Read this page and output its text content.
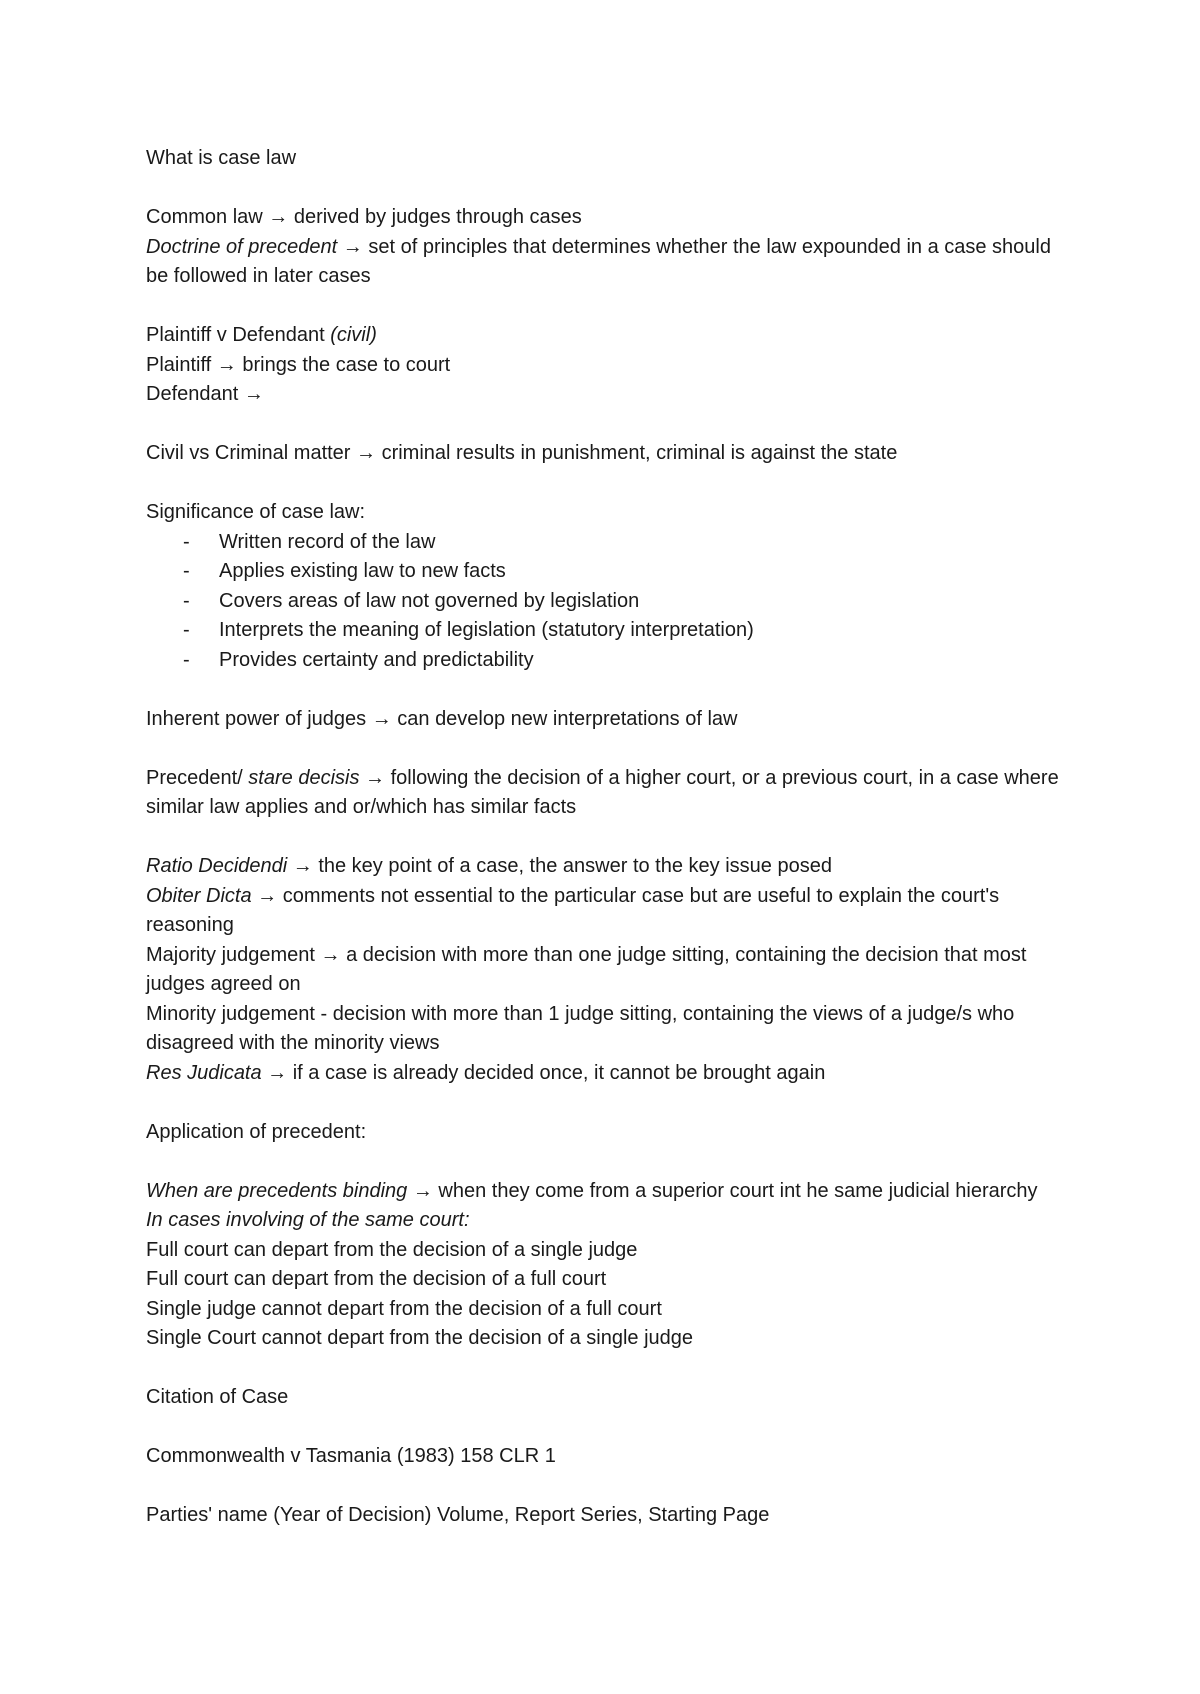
What is case law

Common law → derived by judges through cases

Doctrine of precedent → set of principles that determines whether the law expounded in a case should be followed in later cases

Plaintiff v Defendant (civil)

Plaintiff → brings the case to court

Defendant →

Civil vs Criminal matter → criminal results in punishment, criminal is against the state

Significance of case law:

- Written record of the law
- Applies existing law to new facts
- Covers areas of law not governed by legislation
- Interprets the meaning of legislation (statutory interpretation)
- Provides certainty and predictability

Inherent power of judges → can develop new interpretations of law

Precedent/ stare decisis → following the decision of a higher court, or a previous court, in a case where similar law applies and or/which has similar facts

Ratio Decidendi → the key point of a case, the answer to the key issue posed

Obiter Dicta → comments not essential to the particular case but are useful to explain the court's reasoning

Majority judgement → a decision with more than one judge sitting, containing the decision that most judges agreed on

Minority judgement - decision with more than 1 judge sitting, containing the views of a judge/s who disagreed with the minority views

Res Judicata → if a case is already decided once, it cannot be brought again

Application of precedent:

When are precedents binding → when they come from a superior court int he same judicial hierarchy

In cases involving of the same court:

Full court can depart from the decision of a single judge

Full court can depart from the decision of a full court

Single judge cannot depart from the decision of a full court

Single Court cannot depart from the decision of a single judge

Citation of Case

Commonwealth v Tasmania (1983) 158 CLR 1

Parties' name (Year of Decision) Volume, Report Series, Starting Page
